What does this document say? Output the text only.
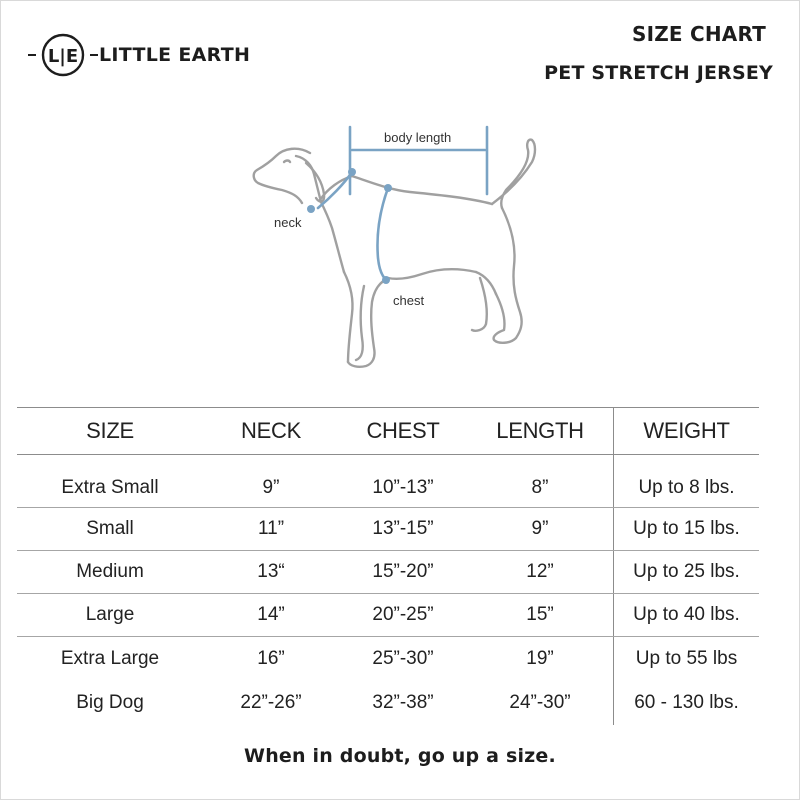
L|E LITTLE EARTH
SIZE CHART
PET STRETCH JERSEY
body length
neck
chest
SIZE	NECK	CHEST	LENGTH	WEIGHT
Extra Small	9”	10”-13”	8”	Up to 8 lbs.
Small	11”	13”-15”	9”	Up to 15 lbs.
Medium	13“	15”-20”	12”	Up to 25 lbs.
Large	14”	20”-25”	15”	Up to 40 lbs.
Extra Large	16”	25”-30”	19”	Up to 55 lbs
Big Dog	22”-26”	32”-38”	24”-30”	60 - 130 lbs.
When in doubt, go up a size.
